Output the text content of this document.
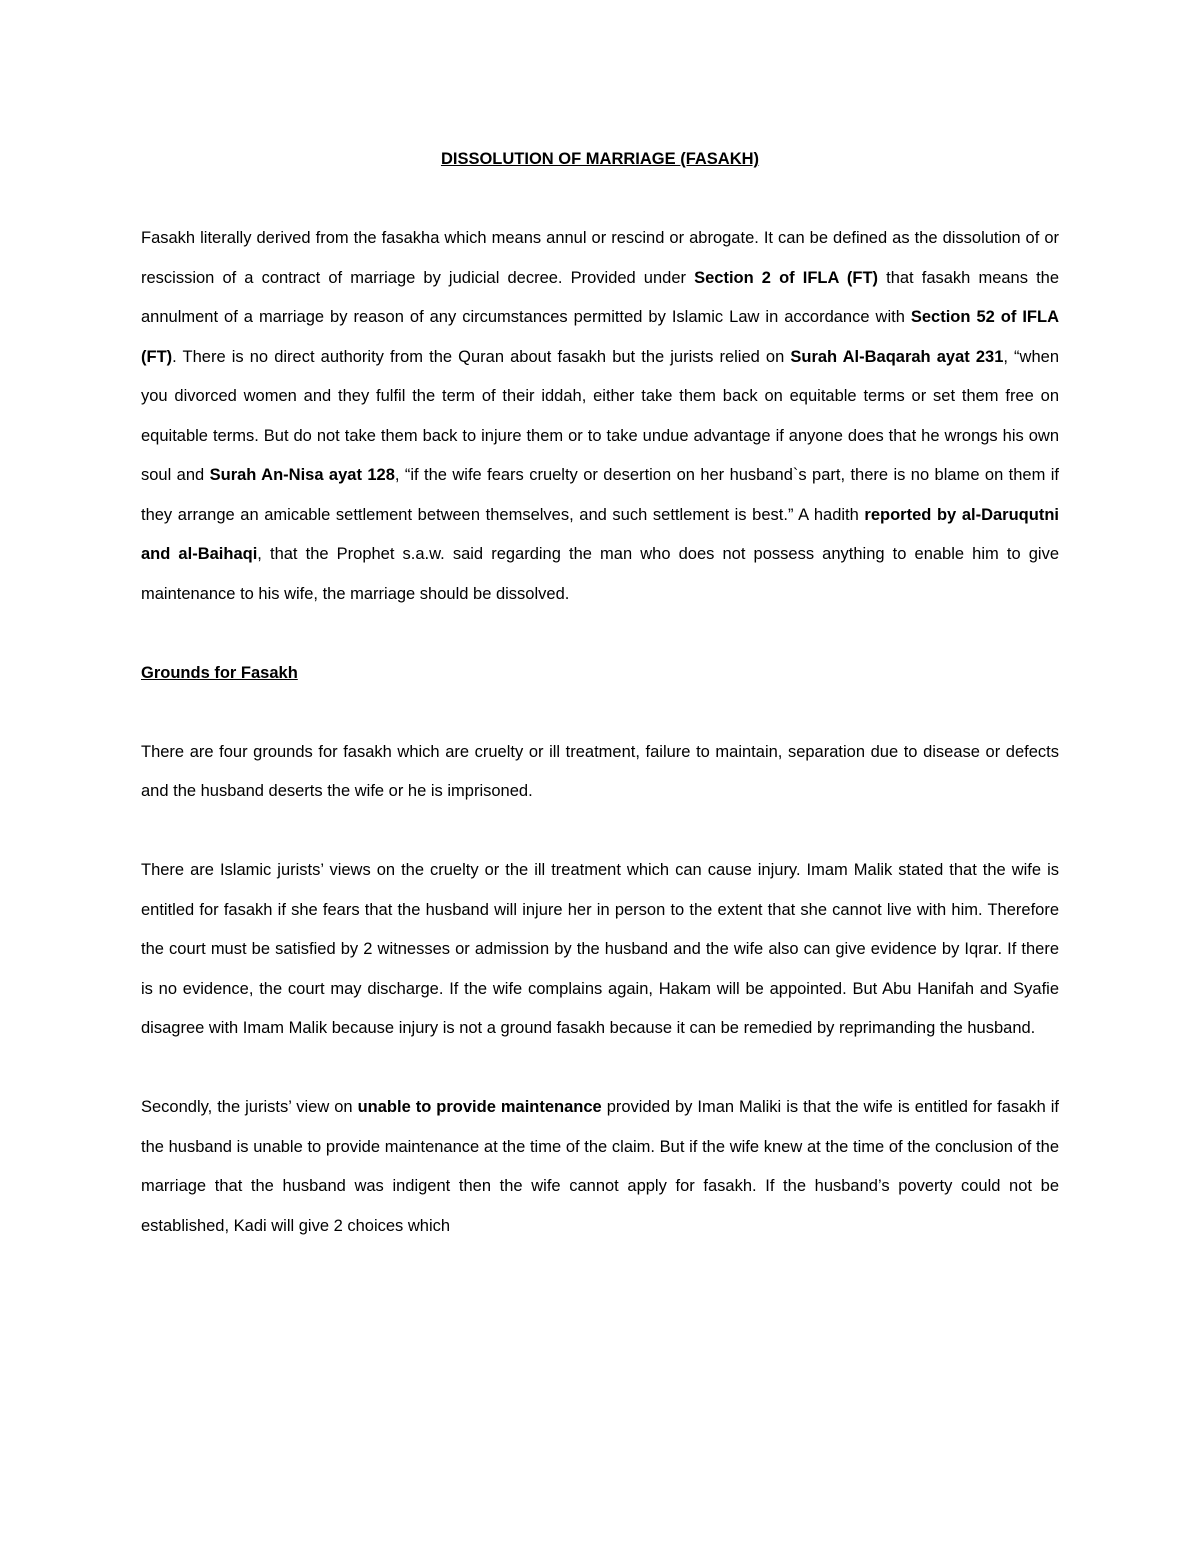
DISSOLUTION OF MARRIAGE (FASAKH)

Fasakh literally derived from the fasakha which means annul or rescind or abrogate. It can be defined as the dissolution of or rescission of a contract of marriage by judicial decree. Provided under Section 2 of IFLA (FT) that fasakh means the annulment of a marriage by reason of any circumstances permitted by Islamic Law in accordance with Section 52 of IFLA (FT). There is no direct authority from the Quran about fasakh but the jurists relied on Surah Al-Baqarah ayat 231, “when you divorced women and they fulfil the term of their iddah, either take them back on equitable terms or set them free on equitable terms. But do not take them back to injure them or to take undue advantage if anyone does that he wrongs his own soul and Surah An-Nisa ayat 128, “if the wife fears cruelty or desertion on her husband`s part, there is no blame on them if they arrange an amicable settlement between themselves, and such settlement is best.” A hadith reported by al-Daruqutni and al-Baihaqi, that the Prophet s.a.w. said regarding the man who does not possess anything to enable him to give maintenance to his wife, the marriage should be dissolved.

Grounds for Fasakh

There are four grounds for fasakh which are cruelty or ill treatment, failure to maintain, separation due to disease or defects and the husband deserts the wife or he is imprisoned.

There are Islamic jurists’ views on the cruelty or the ill treatment which can cause injury. Imam Malik stated that the wife is entitled for fasakh if she fears that the husband will injure her in person to the extent that she cannot live with him. Therefore the court must be satisfied by 2 witnesses or admission by the husband and the wife also can give evidence by Iqrar. If there is no evidence, the court may discharge. If the wife complains again, Hakam will be appointed. But Abu Hanifah and Syafie disagree with Imam Malik because injury is not a ground fasakh because it can be remedied by reprimanding the husband.

Secondly, the jurists’ view on unable to provide maintenance provided by Iman Maliki is that the wife is entitled for fasakh if the husband is unable to provide maintenance at the time of the claim. But if the wife knew at the time of the conclusion of the marriage that the husband was indigent then the wife cannot apply for fasakh. If the husband’s poverty could not be established, Kadi will give 2 choices which
